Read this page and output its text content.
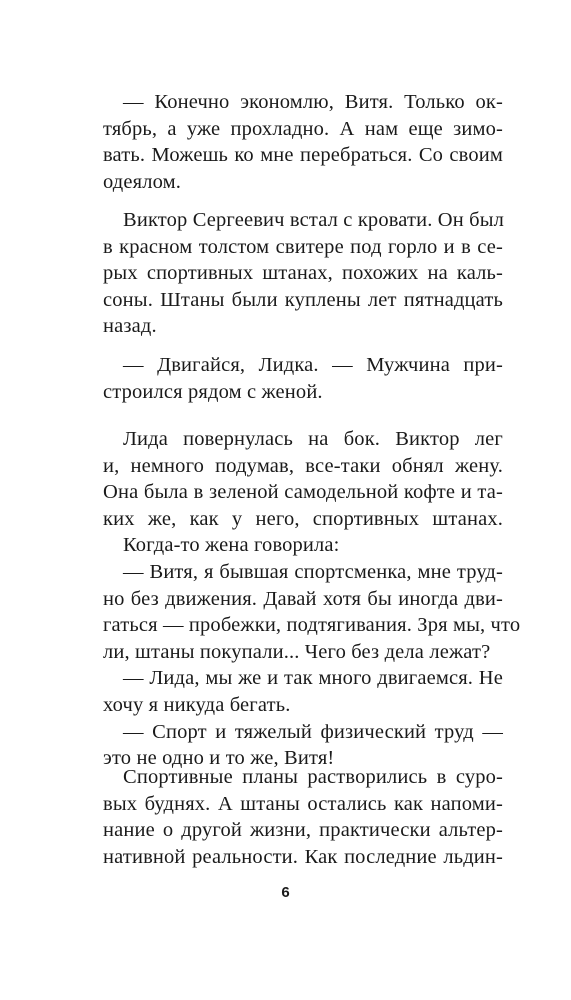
— Конечно экономлю, Витя. Только ок-
тябрь, а уже прохладно. А нам еще зимо-
вать. Можешь ко мне перебраться. Со своим
одеялом.
Виктор Сергеевич встал с кровати. Он был
в красном толстом свитере под горло и в се-
рых спортивных штанах, похожих на каль-
соны. Штаны были куплены лет пятнадцать
назад.
— Двигайся, Лидка. — Мужчина при-
строился рядом с женой.
Лида повернулась на бок. Виктор лег
и, немного подумав, все-таки обнял жену.
Она была в зеленой самодельной кофте и та-
ких же, как у него, спортивных штанах.
Когда-то жена говорила:
— Витя, я бывшая спортсменка, мне труд-
но без движения. Давай хотя бы иногда дви-
гаться — пробежки, подтягивания. Зря мы, что
ли, штаны покупали... Чего без дела лежат?
— Лида, мы же и так много двигаемся. Не
хочу я никуда бегать.
— Спорт и тяжелый физический труд —
это не одно и то же, Витя!
Спортивные планы растворились в суро-
вых буднях. А штаны остались как напоми-
нание о другой жизни, практически альтер-
нативной реальности. Как последние льдин-
6
